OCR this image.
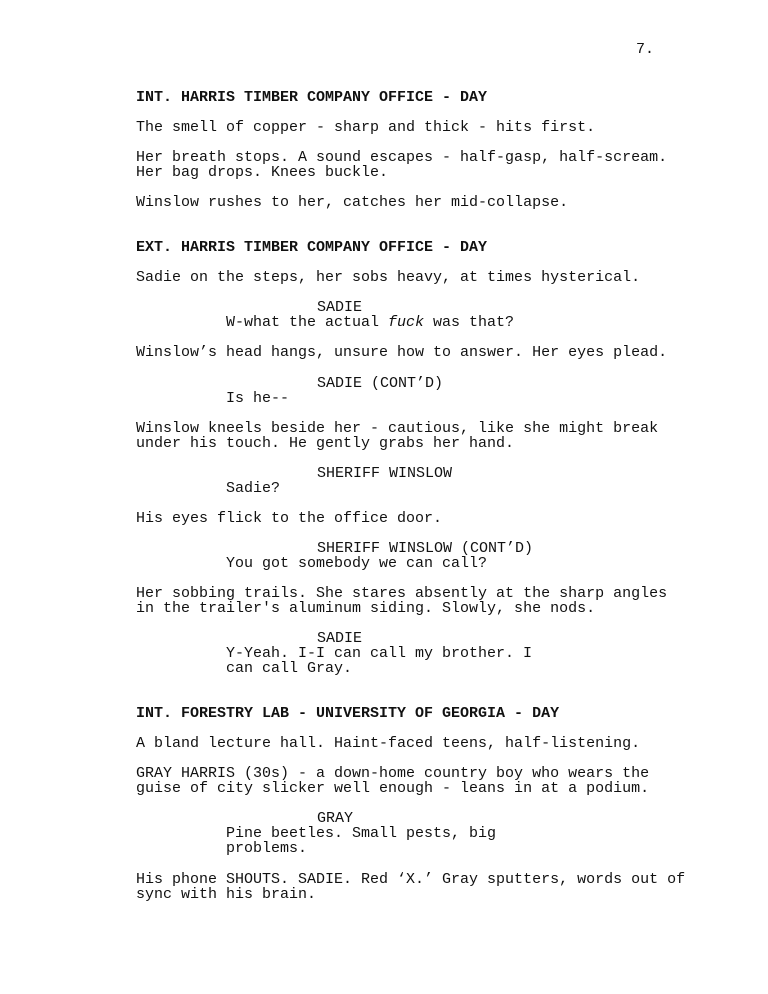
7.

INT. HARRIS TIMBER COMPANY OFFICE - DAY

The smell of copper - sharp and thick - hits first.

Her breath stops. A sound escapes - half-gasp, half-scream.

Her bag drops. Knees buckle.

Winslow rushes to her, catches her mid-collapse.

EXT. HARRIS TIMBER COMPANY OFFICE - DAY

Sadie on the steps, her sobs heavy, at times hysterical.

SADIE

W-what the actual fuck was that?

Winslow’s head hangs, unsure how to answer. Her eyes plead.

SADIE (CONT’D)

Is he--

Winslow kneels beside her - cautious, like she might break

under his touch. He gently grabs her hand.

SHERIFF WINSLOW

Sadie?

His eyes flick to the office door.

SHERIFF WINSLOW (CONT’D)

You got somebody we can call?

Her sobbing trails. She stares absently at the sharp angles

in the trailer's aluminum siding. Slowly, she nods.

SADIE

Y-Yeah. I-I can call my brother. I

can call Gray.

INT. FORESTRY LAB - UNIVERSITY OF GEORGIA - DAY

A bland lecture hall. Haint-faced teens, half-listening.

GRAY HARRIS (30s) - a down-home country boy who wears the

guise of city slicker well enough - leans in at a podium.

GRAY

Pine beetles. Small pests, big

problems.

His phone SHOUTS. SADIE. Red ‘X.’ Gray sputters, words out of

sync with his brain.
